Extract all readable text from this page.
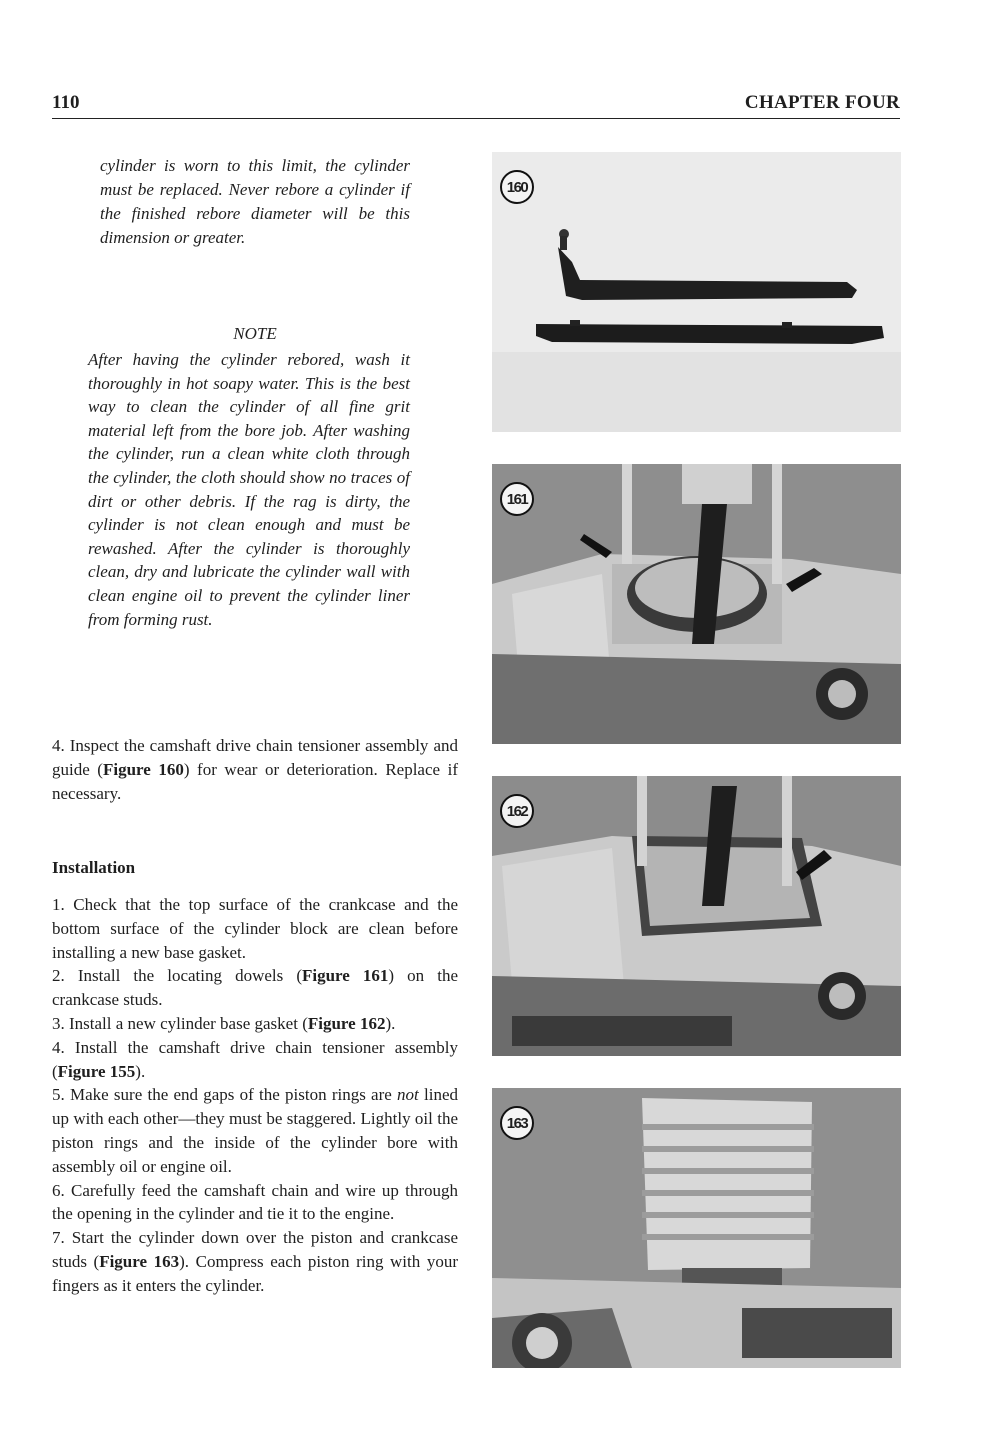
110	CHAPTER FOUR
cylinder is worn to this limit, the cylinder must be replaced. Never rebore a cylinder if the finished rebore diameter will be this dimension or greater.
NOTE
After having the cylinder rebored, wash it thoroughly in hot soapy water. This is the best way to clean the cylinder of all fine grit material left from the bore job. After washing the cylinder, run a clean white cloth through the cylinder, the cloth should show no traces of dirt or other debris. If the rag is dirty, the cylinder is not clean enough and must be rewashed. After the cylinder is thoroughly clean, dry and lubricate the cylinder wall with clean engine oil to prevent the cylinder liner from forming rust.
4. Inspect the camshaft drive chain tensioner assembly and guide (Figure 160) for wear or deterioration. Replace if necessary.
Installation

1. Check that the top surface of the crankcase and the bottom surface of the cylinder block are clean before installing a new base gasket.

2. Install the locating dowels (Figure 161) on the crankcase studs.

3. Install a new cylinder base gasket (Figure 162).

4. Install the camshaft drive chain tensioner assembly (Figure 155).

5. Make sure the end gaps of the piston rings are not lined up with each other—they must be staggered. Lightly oil the piston rings and the inside of the cylinder bore with assembly oil or engine oil.

6. Carefully feed the camshaft chain and wire up through the opening in the cylinder and tie it to the engine.

7. Start the cylinder down over the piston and crankcase studs (Figure 163). Compress each piston ring with your fingers as it enters the cylinder.

160
161
162
163
